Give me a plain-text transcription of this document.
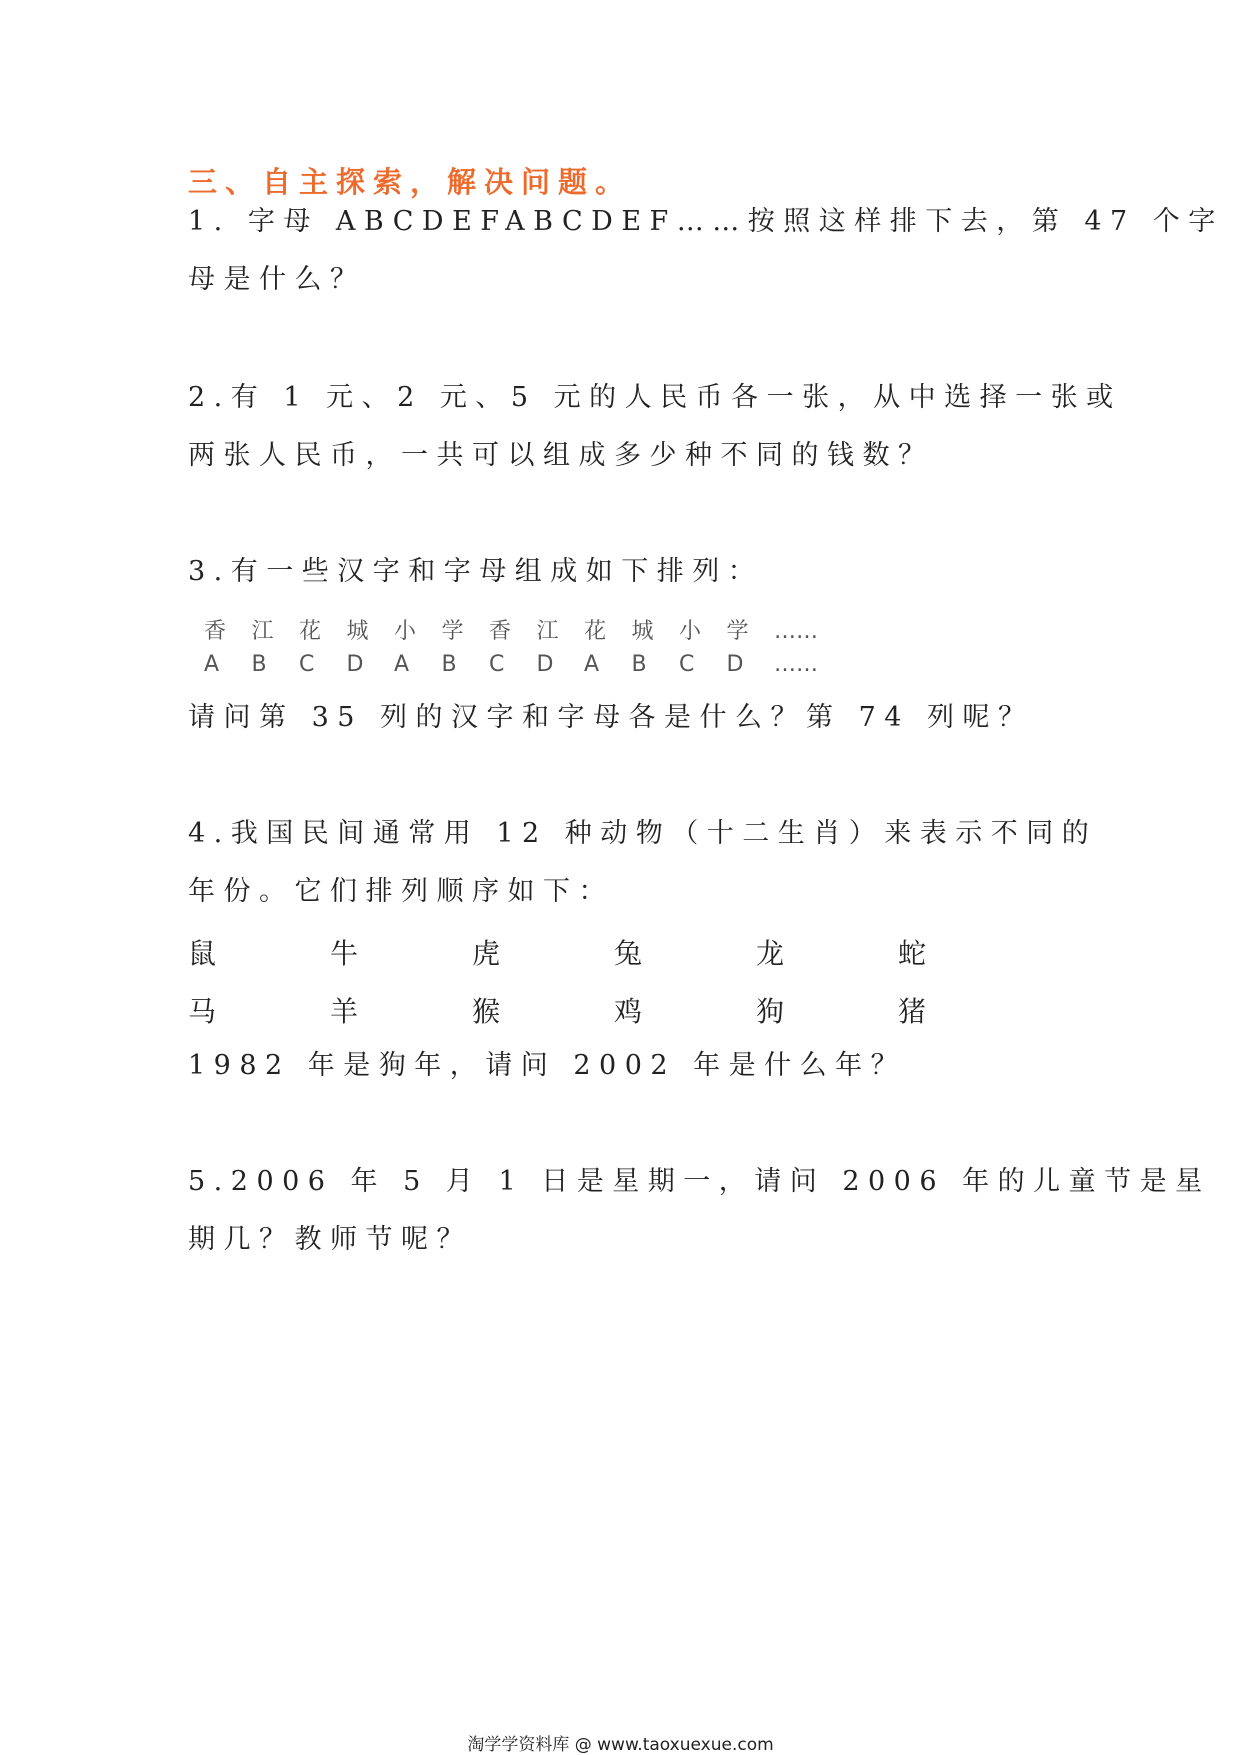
三、自主探索，解决问题。
1. 字母 ABCDEFABCDEF……按照这样排下去，第 47 个字
母是什么？
2.有 1 元、2 元、5 元的人民币各一张，从中选择一张或
两张人民币，一共可以组成多少种不同的钱数？
3.有一些汉字和字母组成如下排列：
香 江 花 城 小 学 香 江 花 城 小 学 ……
A B C D A B C D A B C D ……
请问第 35 列的汉字和字母各是什么？第 74 列呢？
4.我国民间通常用 12 种动物（十二生肖）来表示不同的
年份。它们排列顺序如下：
鼠	牛	虎	兔	龙	蛇
马	羊	猴	鸡	狗	猪
1982 年是狗年，请问 2002 年是什么年？
5.2006 年 5 月 1 日是星期一，请问 2006 年的儿童节是星
期几？教师节呢？
淘学学资料库 @ www.taoxuexue.com
